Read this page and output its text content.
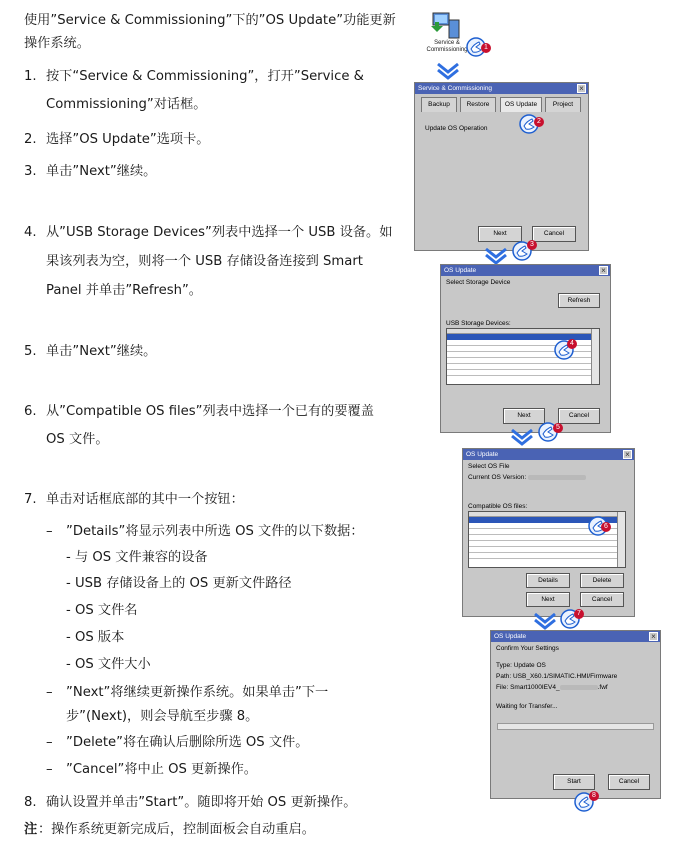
使用”Service & Commissioning”下的”OS Update”功能更新
操作系统。
1. 按下“Service & Commissioning”，打开”Service &
Commissioning”对话框。
2. 选择”OS Update”选项卡。
3. 单击”Next”继续。
4. 从”USB Storage Devices”列表中选择一个 USB 设备。如
果该列表为空，则将一个 USB 存储设备连接到 Smart
Panel 并单击”Refresh”。
5. 单击”Next”继续。
6. 从”Compatible OS files”列表中选择一个已有的要覆盖
OS 文件。
7. 单击对话框底部的其中一个按钮：
– ”Details”将显示列表中所选 OS 文件的以下数据：
- 与 OS 文件兼容的设备
- USB 存储设备上的 OS 更新文件路径
- OS 文件名
- OS 版本
- OS 文件大小
– ”Next”将继续更新操作系统。如果单击”下一
步”(Next)，则会导航至步骤 8。
– ”Delete”将在确认后删除所选 OS 文件。
– ”Cancel”将中止 OS 更新操作。
8. 确认设置并单击”Start”。随即将开始 OS 更新操作。
注 ：操作系统更新完成后，控制面板会自动重启。
Service &
Commissioning	1
Service & Commissioning	×
Backup	Restore	OS Update	Project
Update OS Operation
Next	Cancel
2
3
OS Update	×
Select Storage Device
Refresh
USB Storage Devices:
Next	Cancel
4
5
OS Update	×
Select OS File
Current OS Version:
Compatible OS files:
Details	Delete
Next	Cancel
6
7
OS Update	×
Confirm Your Settings
Type: Update OS
Path: USB_X60.1/SIMATIC.HMI/Firmware
File: Smart1000IEV4_	.fwf
Waiting for Transfer...
Start	Cancel
8
